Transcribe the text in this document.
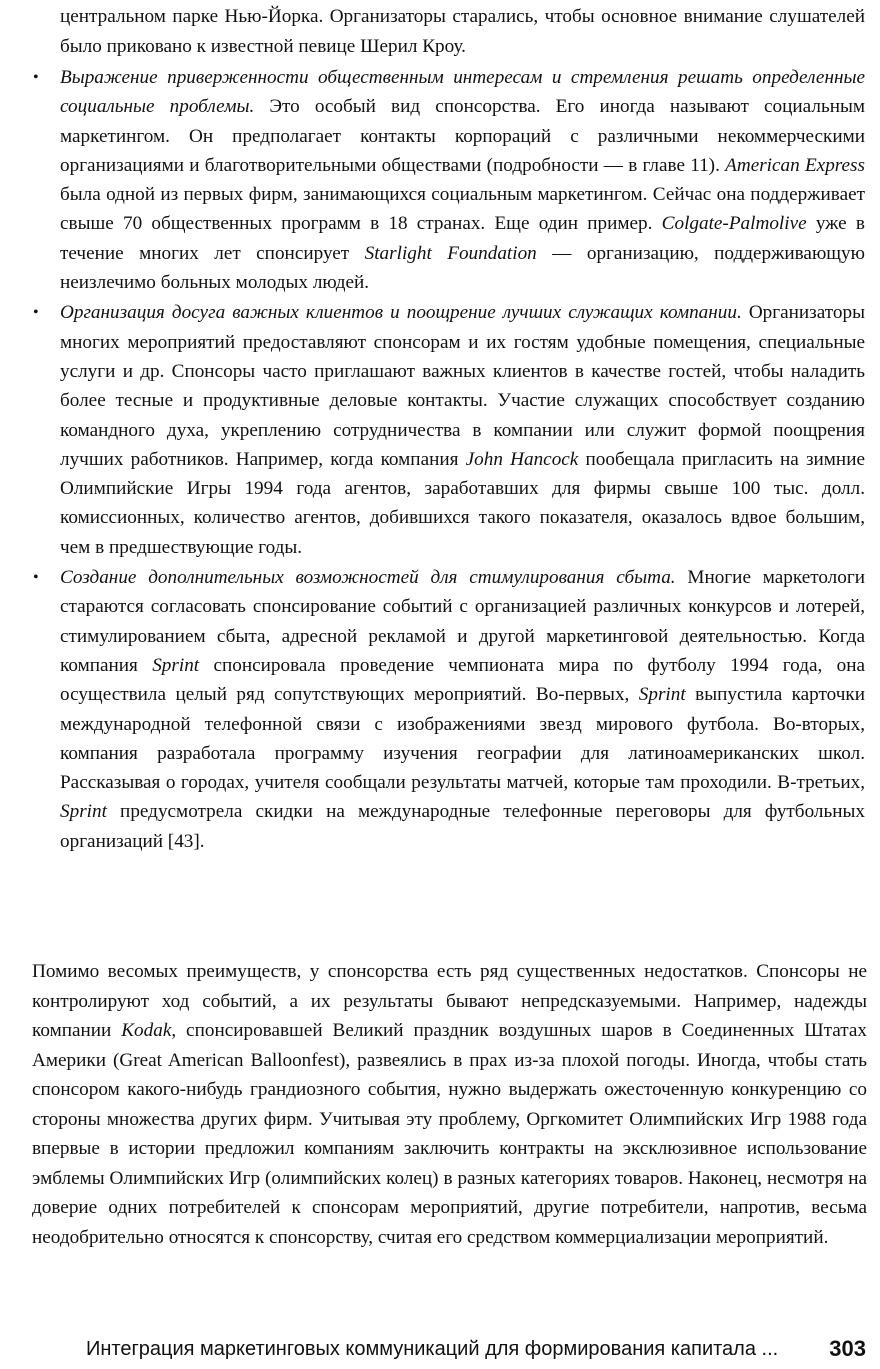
центральном парке Нью-Йорка. Организаторы старались, чтобы основное внимание слушателей было приковано к известной певице Шерил Кроу.

• Выражение приверженности общественным интересам и стремления решать определенные социальные проблемы. Это особый вид спонсорства. Его иногда называют социальным маркетингом. Он предполагает контакты корпораций с различными некоммерческими организациями и благотворительными обществами (подробности — в главе 11). American Express была одной из первых фирм, занимающихся социальным маркетингом. Сейчас она поддерживает свыше 70 общественных программ в 18 странах. Еще один пример. Colgate-Palmolive уже в течение многих лет спонсирует Starlight Foundation — организацию, поддерживающую неизлечимо больных молодых людей.
• Организация досуга важных клиентов и поощрение лучших служащих компании. Организаторы многих мероприятий предоставляют спонсорам и их гостям удобные помещения, специальные услуги и др. Спонсоры часто приглашают важных клиентов в качестве гостей, чтобы наладить более тесные и продуктивные деловые контакты. Участие служащих способствует созданию командного духа, укреплению сотрудничества в компании или служит формой поощрения лучших работников. Например, когда компания John Hancock пообещала пригласить на зимние Олимпийские Игры 1994 года агентов, заработавших для фирмы свыше 100 тыс. долл. комиссионных, количество агентов, добившихся такого показателя, оказалось вдвое большим, чем в предшествующие годы.
• Создание дополнительных возможностей для стимулирования сбыта. Многие маркетологи стараются согласовать спонсирование событий с организацией различных конкурсов и лотерей, стимулированием сбыта, адресной рекламой и другой маркетинговой деятельностью. Когда компания Sprint спонсировала проведение чемпионата мира по футболу 1994 года, она осуществила целый ряд сопутствующих мероприятий. Во-первых, Sprint выпустила карточки международной телефонной связи с изображениями звезд мирового футбола. Во-вторых, компания разработала программу изучения географии для латиноамериканских школ. Рассказывая о городах, учителя сообщали результаты матчей, которые там проходили. В-третьих, Sprint предусмотрела скидки на международные телефонные переговоры для футбольных организаций [43].

Помимо весомых преимуществ, у спонсорства есть ряд существенных недостатков. Спонсоры не контролируют ход событий, а их результаты бывают непредсказуемыми. Например, надежды компании Kodak, спонсировавшей Великий праздник воздушных шаров в Соединенных Штатах Америки (Great American Balloonfest), развеялись в прах из-за плохой погоды. Иногда, чтобы стать спонсором какого-нибудь грандиозного события, нужно выдержать ожесточенную конкуренцию со стороны множества других фирм. Учитывая эту проблему, Оргкомитет Олимпийских Игр 1988 года впервые в истории предложил компаниям заключить контракты на эксклюзивное использование эмблемы Олимпийских Игр (олимпийских колец) в разных категориях товаров. Наконец, несмотря на доверие одних потребителей к спонсорам мероприятий, другие потребители, напротив, весьма неодобрительно относятся к спонсорству, считая его средством коммерциализации мероприятий.

Интеграция маркетинговых коммуникаций для формирования капитала ... 303
